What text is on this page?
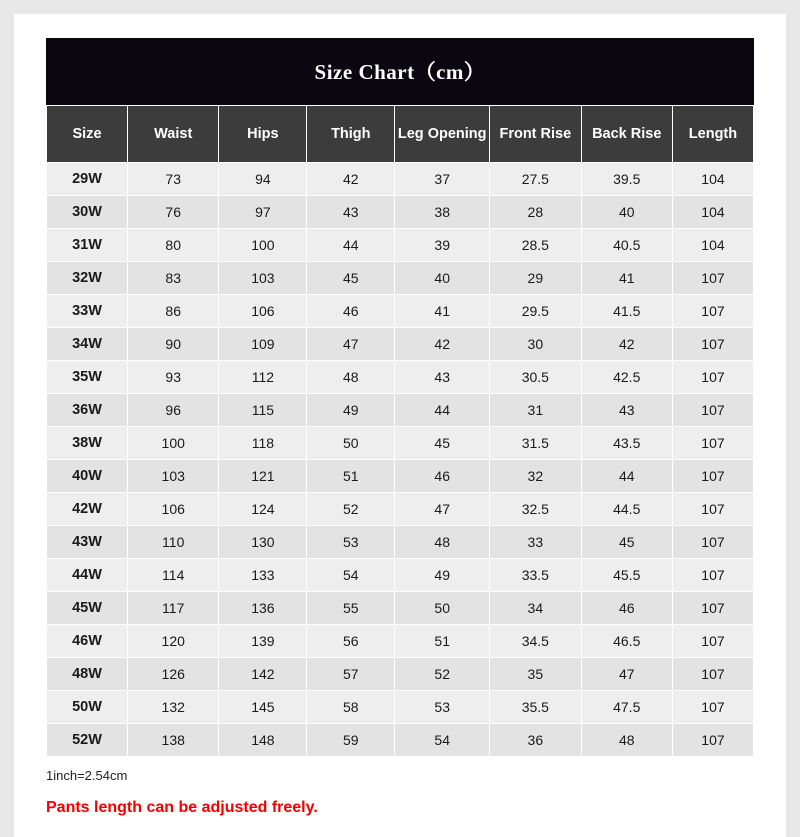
Size Chart（cm）
Size	Waist	Hips	Thigh	Leg Opening	Front Rise	Back Rise	Length
29W	73	94	42	37	27.5	39.5	104
30W	76	97	43	38	28	40	104
31W	80	100	44	39	28.5	40.5	104
32W	83	103	45	40	29	41	107
33W	86	106	46	41	29.5	41.5	107
34W	90	109	47	42	30	42	107
35W	93	112	48	43	30.5	42.5	107
36W	96	115	49	44	31	43	107
38W	100	118	50	45	31.5	43.5	107
40W	103	121	51	46	32	44	107
42W	106	124	52	47	32.5	44.5	107
43W	110	130	53	48	33	45	107
44W	114	133	54	49	33.5	45.5	107
45W	117	136	55	50	34	46	107
46W	120	139	56	51	34.5	46.5	107
48W	126	142	57	52	35	47	107
50W	132	145	58	53	35.5	47.5	107
52W	138	148	59	54	36	48	107
1inch=2.54cm
Pants length can be adjusted freely.
